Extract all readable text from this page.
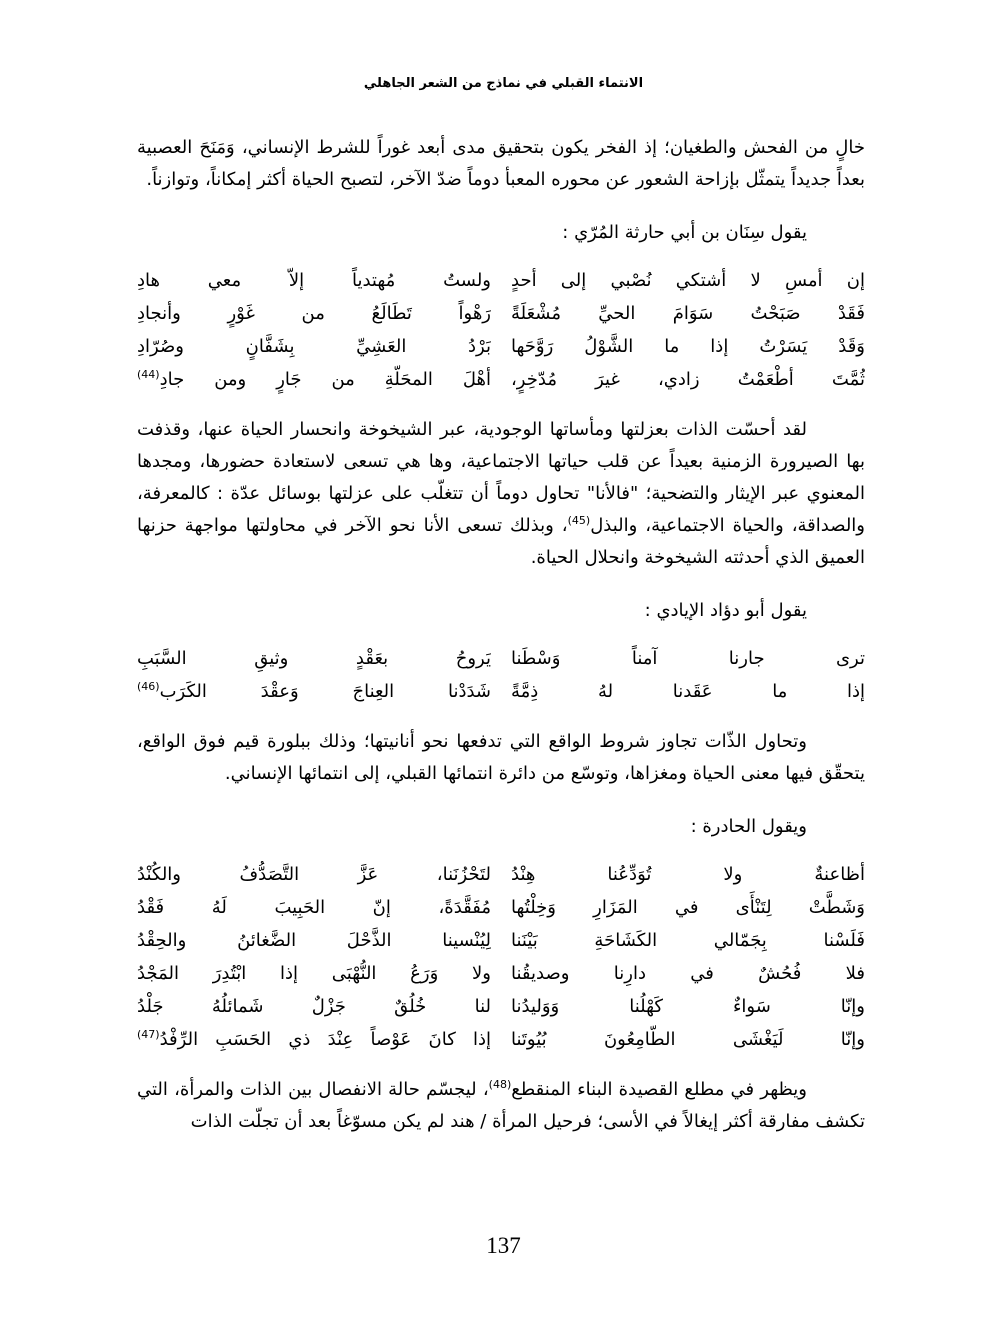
الانتماء القبلي في نماذج من الشعر الجاهلي

خالٍ من الفحش والطغيان؛ إذ الفخر يكون بتحقيق مدى أبعد غوراً للشرط الإنساني، وَمَنَحَ العصبية بعداً جديداً يتمثّل بإزاحة الشعور عن محوره المعبأ دوماً ضدّ الآخر، لتصبح الحياة أكثر إمكاناً، وتوازناً.

يقول سِنَان بن أبي حارثة المُرّي :
إن أمسِ لا أشتكي نُصْبي إلى أحدٍ
ولستُ مُهتدياً إلاّ معي هادِ
فَقَدْ صَبَحْتُ سَوَامَ الحيِّ مُشْعَلَةً
رَهْواً تَطَالَعُ من غَوْرٍ وأنجادِ
وَقَدْ يَسَرْتُ إذا ما الشَّوْلُ رَوَّحَها
بَرْدُ العَشِيِّ بِشَفَّانٍ وصُرّادِ
ثُمَّتَ أطْعَمْتُ زادي، غيرَ مُدّخِرٍ،
أهْلَ المحَلّةِ من جَارٍ ومن جادِ$^{(44)}$

لقد أحسّت الذات بعزلتها ومأساتها الوجودية، عبر الشيخوخة وانحسار الحياة عنها، وقذفت بها الصيرورة الزمنية بعيداً عن قلب حياتها الاجتماعية، وها هي تسعى لاستعادة حضورها، ومجدها المعنوي عبر الإيثار والتضحية؛ "فالأنا" تحاول دوماً أن تتغلّب على عزلتها بوسائل عدّة : كالمعرفة، والصداقة، والحياة الاجتماعية، والبذل$^{(45)}$، وبذلك تسعى الأنا نحو الآخر في محاولتها مواجهة حزنها العميق الذي أحدثته الشيخوخة وانحلال الحياة.

يقول أبو دؤاد الإيادي :
ترى جارنا آمناً وَسْطَنا
يَروحُ بعَقْدٍ وثيقِ السَّبَبِ
إذا ما عَقَدنا لهُ ذِمَّةً
شَدَدْنا العِناجَ وَعقْدَ الكَرَب$^{(46)}$

وتحاول الذّات تجاوز شروط الواقع التي تدفعها نحو أنانيتها؛ وذلك ببلورة قيم فوق الواقع، يتحقّق فيها معنى الحياة ومغزاها، وتوسّع من دائرة انتمائها القبلي، إلى انتمائها الإنساني.

ويقول الحادرة :
أظاعنةٌ ولا تُوَدِّعُنا هِنْدُ
لتَحْزُنَنا، عَزَّ التَّصَدُّفُ والكُنْدُ
وَشَطَّتْ لِتَنْأَى في المَزَارِ وَخِلْتُها
مُفَقَّدَةً، إنّ الحَبِيبَ لَهُ فَقْدُ
فَلَسْنا بِجَمّالي الكَشَاحَةِ بَيْنَنا
لِيُنْسينا الذَّحْلَ الضَّغائنُ والحِقْدُ
فلا فُحُشٌ في دارِنا وصديقُنا
ولا وَرَعُ النُّهْبَى إذا ابْتُدِرَ المَجْدُ
وإنّا سَواءٌ كَهْلُنا وَوَليدُنا
لنا خُلُقٌ جَزْلٌ شَمائلُهُ جَلْدُ
وإنّا لَيَغْشَى الطّامِعُونَ بُيُوتَنا
إذا كانَ عَوْصاً عِنْدَ ذي الحَسَبِ الرِّفْدُ$^{(47)}$

ويظهر في مطلع القصيدة البناء المنقطع$^{(48)}$، ليجسّم حالة الانفصال بين الذات والمرأة، التي تكشف مفارقة أكثر إيغالاً في الأسى؛ فرحيل المرأة / هند لم يكن مسوّغاً بعد أن تجلّت الذات

137
